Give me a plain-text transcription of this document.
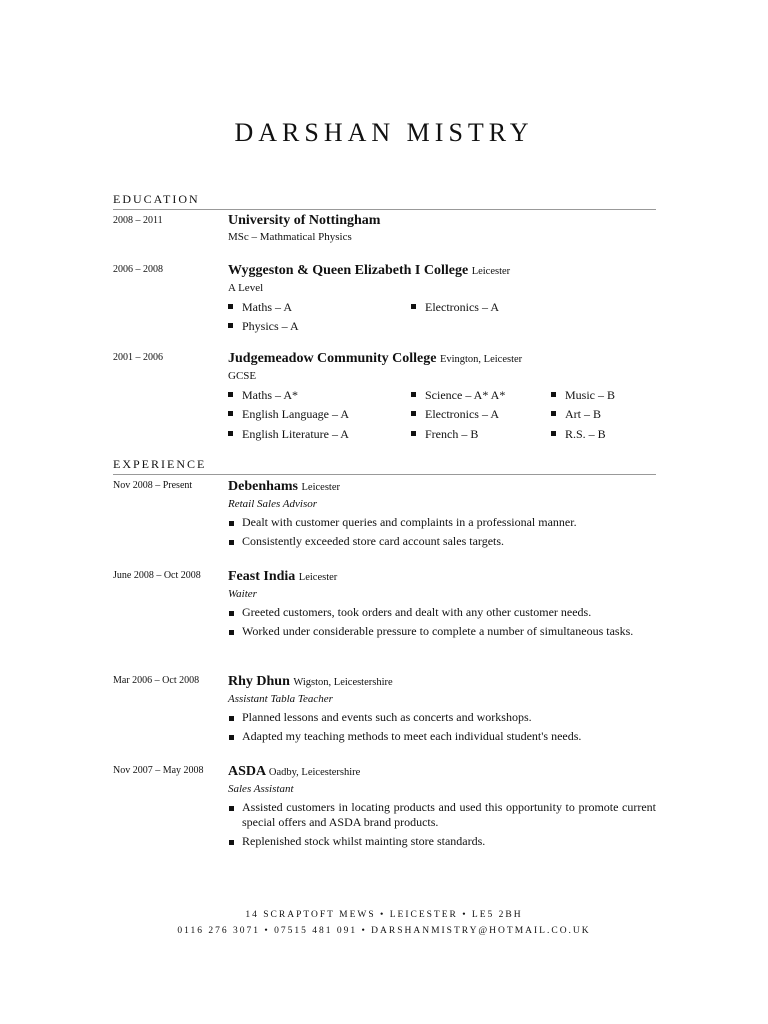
DARSHAN MISTRY
EDUCATION
2008 – 2011	University of Nottingham
MSc – Mathmatical Physics
2006 – 2008	Wyggeston & Queen Elizabeth I College Leicester
A Level
Maths – A	Electronics – A
Physics – A
2001 – 2006	Judgemeadow Community College Evington, Leicester
GCSE
Maths – A*	Science – A* A*	Music – B
English Language – A	Electronics – A	Art – B
English Literature – A	French – B	R.S. – B
EXPERIENCE
Nov 2008 – Present	Debenhams Leicester
Retail Sales Advisor
Dealt with customer queries and complaints in a professional manner.
Consistently exceeded store card account sales targets.
June 2008 – Oct 2008 Feast India Leicester
Waiter
Greeted customers, took orders and dealt with any other customer needs.
Worked under considerable pressure to complete a number of simultaneous tasks.
Mar 2006 – Oct 2008 Rhy Dhun Wigston, Leicestershire
Assistant Tabla Teacher
Planned lessons and events such as concerts and workshops.
Adapted my teaching methods to meet each individual student's needs.
Nov 2007 – May 2008 ASDA Oadby, Leicestershire
Sales Assistant
Assisted customers in locating products and used this opportunity to promote current special offers and ASDA brand products.
Replenished stock whilst mainting store standards.
14 SCRAPTOFT MEWS • LEICESTER • LE5 2BH
0116 276 3071 • 07515 481 091 • DARSHANMISTRY@HOTMAIL.CO.UK
